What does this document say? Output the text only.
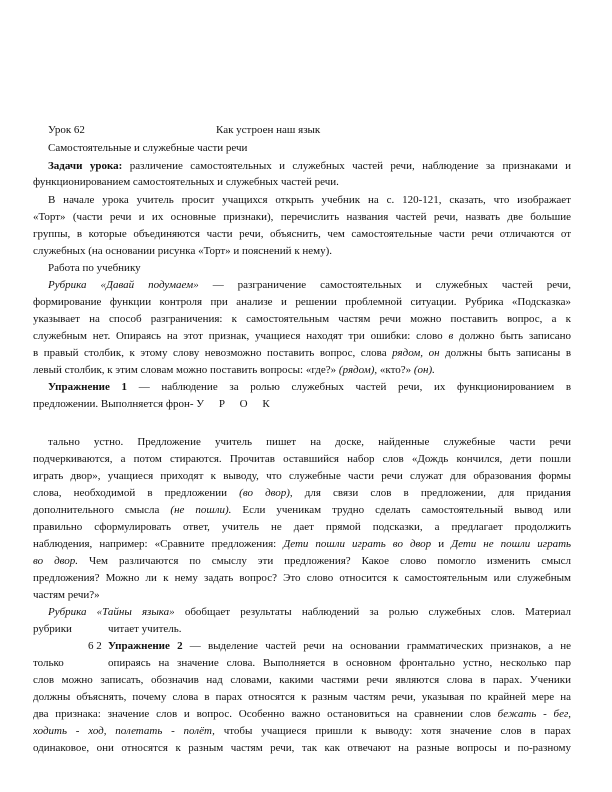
Урок 62	Как устроен наш язык
Самостоятельные и служебные части речи
Задачи урока: различение самостоятельных и служебных частей речи, наблюдение за признаками и
функционированием самостоятельных и служебных частей речи.
В начале урока учитель просит учащихся открыть учебник на с. 120-121, сказать, что изображает
«Торт» (части речи и их основные признаки), перечислить названия частей речи, назвать две большие
группы, в которые объединяются части речи, объяснить, чем самостоятельные части речи отличаются от
служебных (на основании рисунка «Торт» и пояснений к нему).
Работа по учебнику
Рубрика «Давай подумаем» — разграничение самостоятельных и служебных частей речи,
формирование функции контроля при анализе и решении проблемной ситуации. Рубрика «Подсказка»
указывает на способ разграничения: к самостоятельным частям речи можно поставить вопрос, а к
служебным нет. Опираясь на этот признак, учащиеся находят три ошибки: слово в должно быть записано
в правый столбик, к этому слову невозможно поставить вопрос, слова рядом, он должны быть записаны в
левый столбик, к этим словам можно поставить вопросы: «где?» (рядом), «кто?» (он).
Упражнение 1 — наблюдение за ролью служебных частей речи, их функционированием в
предложении. Выполняется фрон- У Р О К
тально устно. Предложение учитель пишет на доске, найденные служебные части речи
подчеркиваются, а потом стираются. Прочитав оставшийся набор слов «Дождь кончился, дети пошли
играть двор», учащиеся приходят к выводу, что служебные части речи служат для образования формы
слова, необходимой в предложении (во двор), для связи слов в предложении, для придания
дополнительного смысла (не пошли). Если ученикам трудно сделать самостоятельный вывод или
правильно сформулировать ответ, учитель не дает прямой подсказки, а предлагает продолжить
наблюдения, например: «Сравните предложения: Дети пошли играть во двор и Дети не пошли играть
во двор. Чем различаются по смыслу эти предложения? Какое слово помогло изменить смысл
предложения? Можно ли к нему задать вопрос? Это слово относится к самостоятельным или служебным
частям речи?»
Рубрика «Тайны языка» обобщает результаты наблюдений за ролью служебных слов. Материал
рубрики	читает учитель.
6 2 Упражнение 2 — выделение частей речи на основании грамматических признаков, а не
только	опираясь на значение слова. Выполняется в основном фронтально устно, несколько пар
слов можно записать, обозначив над словами, какими частями речи являются слова в парах. Ученики
должны объяснять, почему слова в парах относятся к разным частям речи, указывая по крайней мере на
два признака: значение слов и вопрос. Особенно важно остановиться на сравнении слов бежать - бег,
ходить - ход, полетать - полёт, чтобы учащиеся пришли к выводу: хотя значение слов в парах
одинаковое, они относятся к разным частям речи, так как отвечают на разные вопросы и по-разному
